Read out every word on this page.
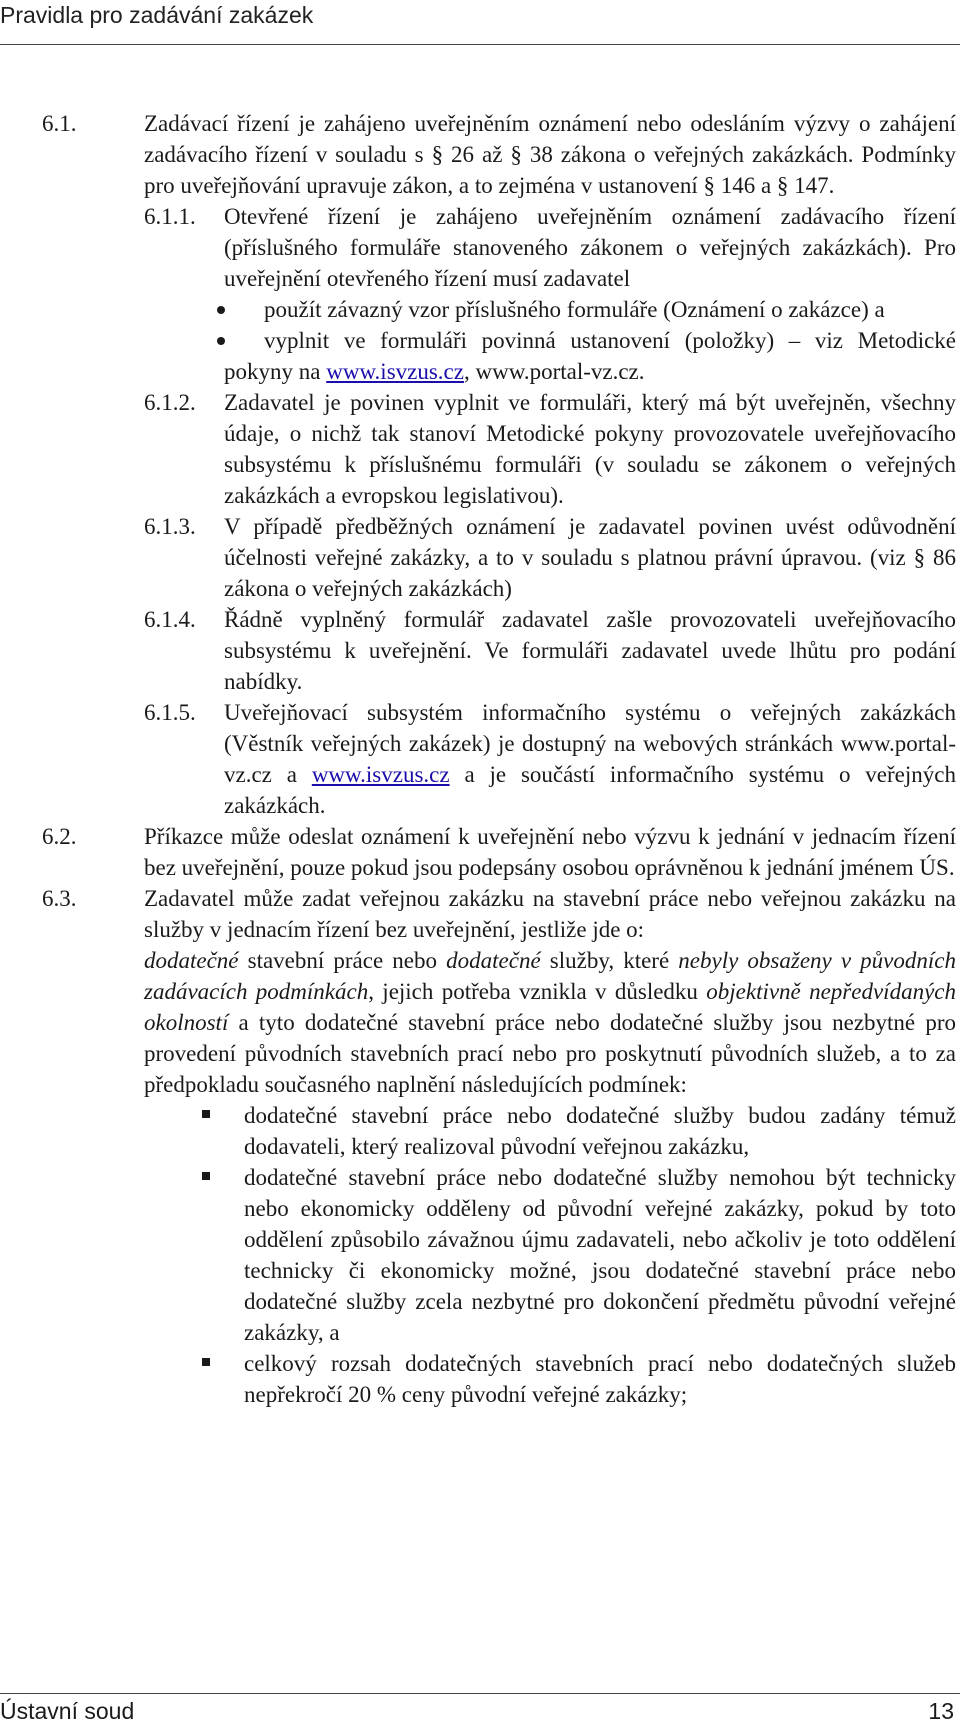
Pravidla pro zadávání zakázek
6.1.	Zadávací řízení je zahájeno uveřejněním oznámení nebo odesláním výzvy o zahájení zadávacího řízení v souladu s § 26 až § 38 zákona o veřejných zakázkách. Podmínky pro uveřejňování upravuje zákon, a to zejména v ustanovení § 146 a § 147.
6.1.1. Otevřené řízení je zahájeno uveřejněním oznámení zadávacího řízení (příslušného formuláře stanoveného zákonem o veřejných zakázkách). Pro uveřejnění otevřeného řízení musí zadavatel
použít závazný vzor příslušného formuláře (Oznámení o zakázce) a
vyplnit ve formuláři povinná ustanovení (položky) – viz Metodické pokyny na www.isvzus.cz, www.portal-vz.cz.
6.1.2. Zadavatel je povinen vyplnit ve formuláři, který má být uveřejněn, všechny údaje, o nichž tak stanoví Metodické pokyny provozovatele uveřejňovacího subsystému k příslušnému formuláři (v souladu se zákonem o veřejných zakázkách a evropskou legislativou).
6.1.3. V případě předběžných oznámení je zadavatel povinen uvést odůvodnění účelnosti veřejné zakázky, a to v souladu s platnou právní úpravou. (viz § 86 zákona o veřejných zakázkách)
6.1.4. Řádně vyplněný formulář zadavatel zašle provozovateli uveřejňovacího subsystému k uveřejnění. Ve formuláři zadavatel uvede lhůtu pro podání nabídky.
6.1.5. Uveřejňovací subsystém informačního systému o veřejných zakázkách (Věstník veřejných zakázek) je dostupný na webových stránkách www.portal-vz.cz a www.isvzus.cz a je součástí informačního systému o veřejných zakázkách.
6.2.	Příkazce může odeslat oznámení k uveřejnění nebo výzvu k jednání v jednacím řízení bez uveřejnění, pouze pokud jsou podepsány osobou oprávněnou k jednání jménem ÚS.
6.3.	Zadavatel může zadat veřejnou zakázku na stavební práce nebo veřejnou zakázku na služby v jednacím řízení bez uveřejnění, jestliže jde o:
dodatečné stavební práce nebo dodatečné služby, které nebyly obsaženy v původních zadávacích podmínkách, jejich potřeba vznikla v důsledku objektivně nepředvídaných okolností a tyto dodatečné stavební práce nebo dodatečné služby jsou nezbytné pro provedení původních stavebních prací nebo pro poskytnutí původních služeb, a to za předpokladu současného naplnění následujících podmínek:
dodatečné stavební práce nebo dodatečné služby budou zadány témuž dodavateli, který realizoval původní veřejnou zakázku,
dodatečné stavební práce nebo dodatečné služby nemohou být technicky nebo ekonomicky odděleny od původní veřejné zakázky, pokud by toto oddělení způsobilo závažnou újmu zadavateli, nebo ačkoliv je toto oddělení technicky či ekonomicky možné, jsou dodatečné stavební práce nebo dodatečné služby zcela nezbytné pro dokončení předmětu původní veřejné zakázky, a
celkový rozsah dodatečných stavebních prací nebo dodatečných služeb nepřekročí 20 % ceny původní veřejné zakázky;
Ústavní soud	13
